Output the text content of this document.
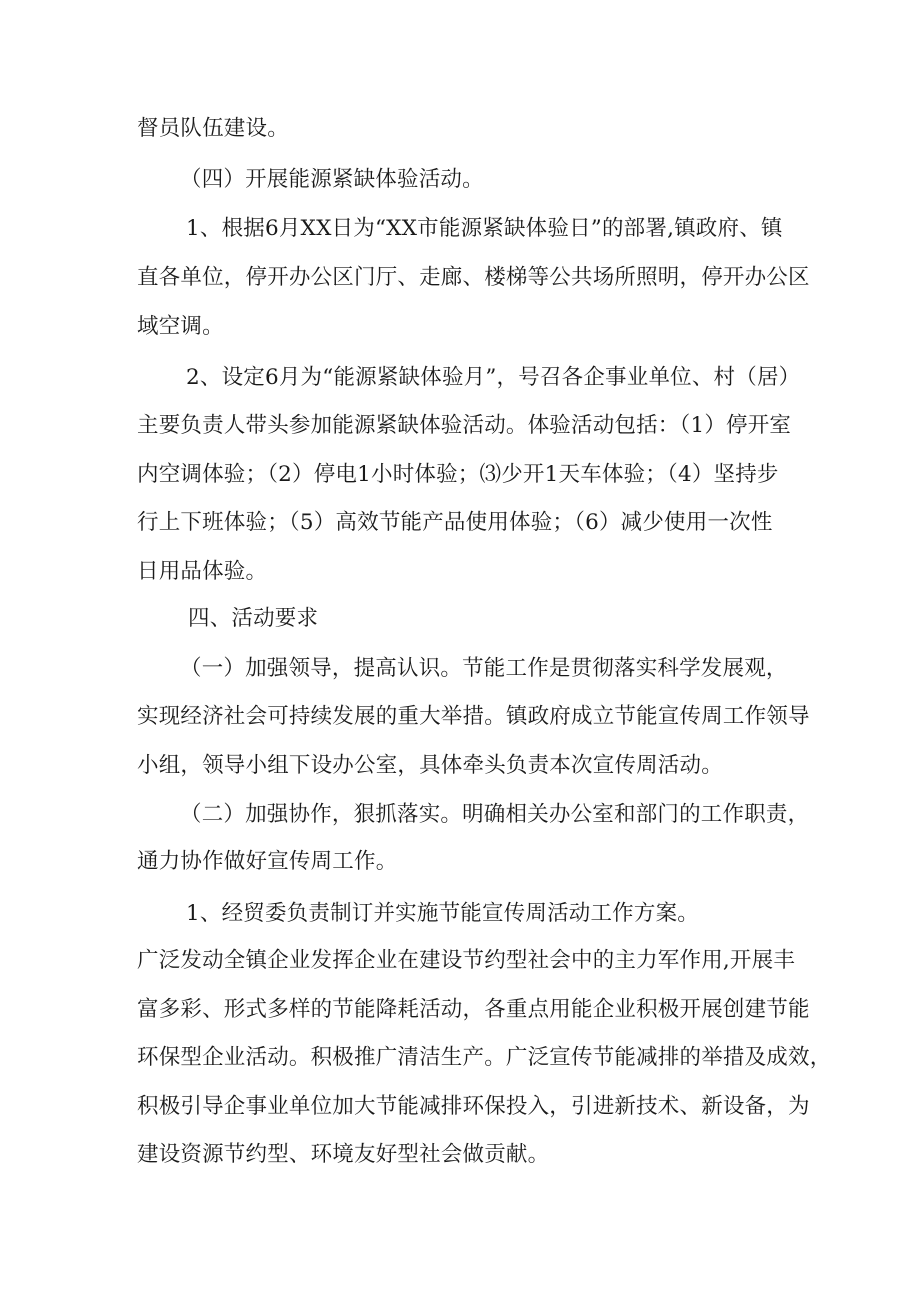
督员队伍建设。
（四）开展能源紧缺体验活动。
1、根据6月XX日为“XX市能源紧缺体验日”的部署,镇政府、镇
直各单位，停开办公区门厅、走廊、楼梯等公共场所照明，停开办公区
域空调。
2、设定6月为“能源紧缺体验月”，号召各企事业单位、村（居）
主要负责人带头参加能源紧缺体验活动。体验活动包括：（1）停开室
内空调体验；（2）停电1小时体验；⑶少开1天车体验；（4）坚持步
行上下班体验；（5）高效节能产品使用体验；（6）减少使用一次性
日用品体验。
四、活动要求
（一）加强领导，提高认识。节能工作是贯彻落实科学发展观，
实现经济社会可持续发展的重大举措。镇政府成立节能宣传周工作领导
小组，领导小组下设办公室，具体牵头负责本次宣传周活动。
（二）加强协作，狠抓落实。明确相关办公室和部门的工作职责，
通力协作做好宣传周工作。
1、经贸委负责制订并实施节能宣传周活动工作方案。
广泛发动全镇企业发挥企业在建设节约型社会中的主力军作用,开展丰
富多彩、形式多样的节能降耗活动，各重点用能企业积极开展创建节能
环保型企业活动。积极推广清洁生产。广泛宣传节能减排的举措及成效，
积极引导企事业单位加大节能减排环保投入，引进新技术、新设备，为
建设资源节约型、环境友好型社会做贡献。
